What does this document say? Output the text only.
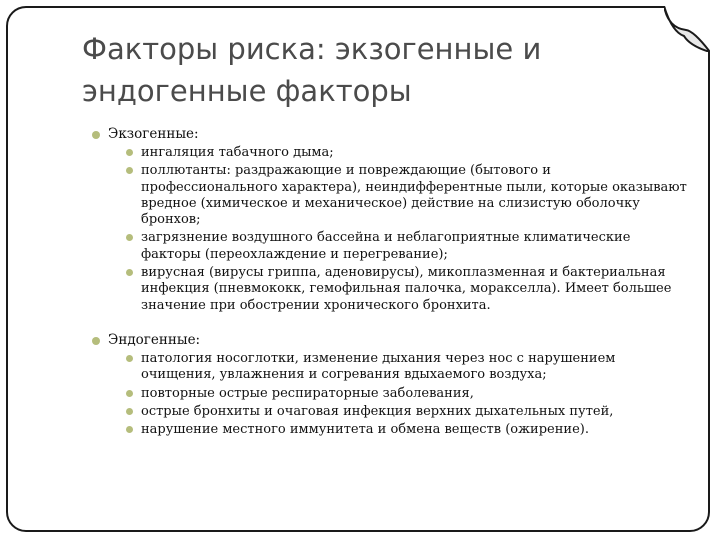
Факторы риска: экзогенные и эндогенные факторы
Экзогенные:
ингаляция табачного дыма;
поллютанты: раздражающие и повреждающие (бытового и профессионального характера), неиндифферентные пыли, которые оказывают вредное (химическое и механическое) действие на слизистую оболочку бронхов;
загрязнение воздушного бассейна и неблагоприятные климатические факторы (переохлаждение и перегревание);
вирусная (вирусы гриппа, аденовирусы), микоплазменная и бактериальная инфекция (пневмококк, гемофильная палочка, моракселла). Имеет большее значение при обострении хронического бронхита.
Эндогенные:
патология носоглотки, изменение дыхания через нос с нарушением очищения, увлажнения и согревания вдыхаемого воздуха;
повторные острые респираторные заболевания,
острые бронхиты и очаговая инфекция верхних дыхательных путей,
нарушение местного иммунитета и обмена веществ (ожирение).
